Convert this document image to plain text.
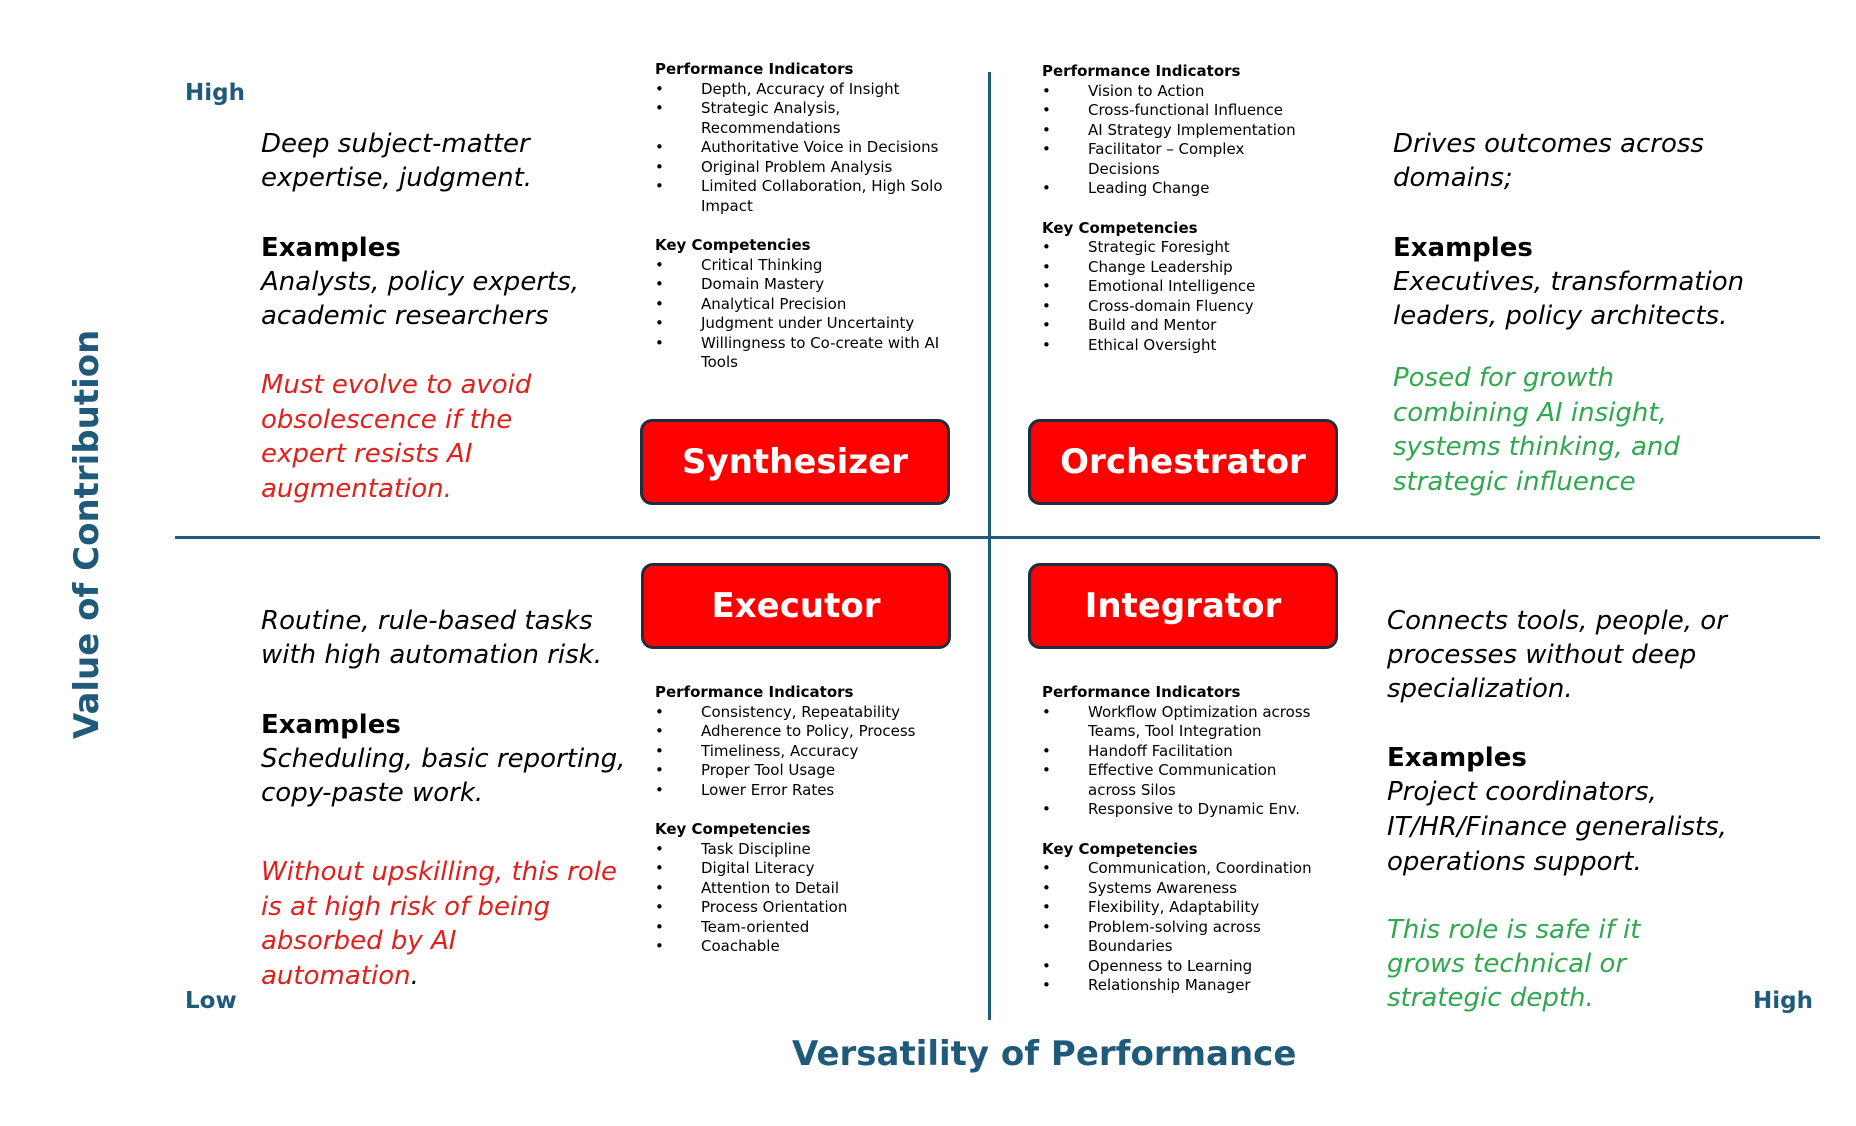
High
Low	High
Versatility of Performance
Value of Contribution
Deep subject-matter expertise, judgment.
Examples
Analysts, policy experts, academic researchers
Must evolve to avoid obsolescence if the expert resists AI augmentation.
Performance Indicators
• Depth, Accuracy of Insight
• Strategic Analysis, Recommendations
• Authoritative Voice in Decisions
• Original Problem Analysis
• Limited Collaboration, High Solo Impact
Key Competencies
• Critical Thinking
• Domain Mastery
• Analytical Precision
• Judgment under Uncertainty
• Willingness to Co-create with AI Tools
Synthesizer
Performance Indicators
• Vision to Action
• Cross-functional Influence
• AI Strategy Implementation
• Facilitator – Complex Decisions
• Leading Change
Key Competencies
• Strategic Foresight
• Change Leadership
• Emotional Intelligence
• Cross-domain Fluency
• Build and Mentor
• Ethical Oversight
Orchestrator
Drives outcomes across domains;
Examples
Executives, transformation leaders, policy architects.
Posed for growth combining AI insight, systems thinking, and strategic influence
Routine, rule-based tasks with high automation risk.
Examples
Scheduling, basic reporting, copy-paste work.
Without upskilling, this role is at high risk of being absorbed by AI automation.
Executor
Performance Indicators
• Consistency, Repeatability
• Adherence to Policy, Process
• Timeliness, Accuracy
• Proper Tool Usage
• Lower Error Rates
Key Competencies
• Task Discipline
• Digital Literacy
• Attention to Detail
• Process Orientation
• Team-oriented
• Coachable
Integrator
Performance Indicators
• Workflow Optimization across Teams, Tool Integration
• Handoff Facilitation
• Effective Communication across Silos
• Responsive to Dynamic Env.
Key Competencies
• Communication, Coordination
• Systems Awareness
• Flexibility, Adaptability
• Problem-solving across Boundaries
• Openness to Learning
• Relationship Manager
Connects tools, people, or processes without deep specialization.
Examples
Project coordinators, IT/HR/Finance generalists, operations support.
This role is safe if it grows technical or strategic depth.
